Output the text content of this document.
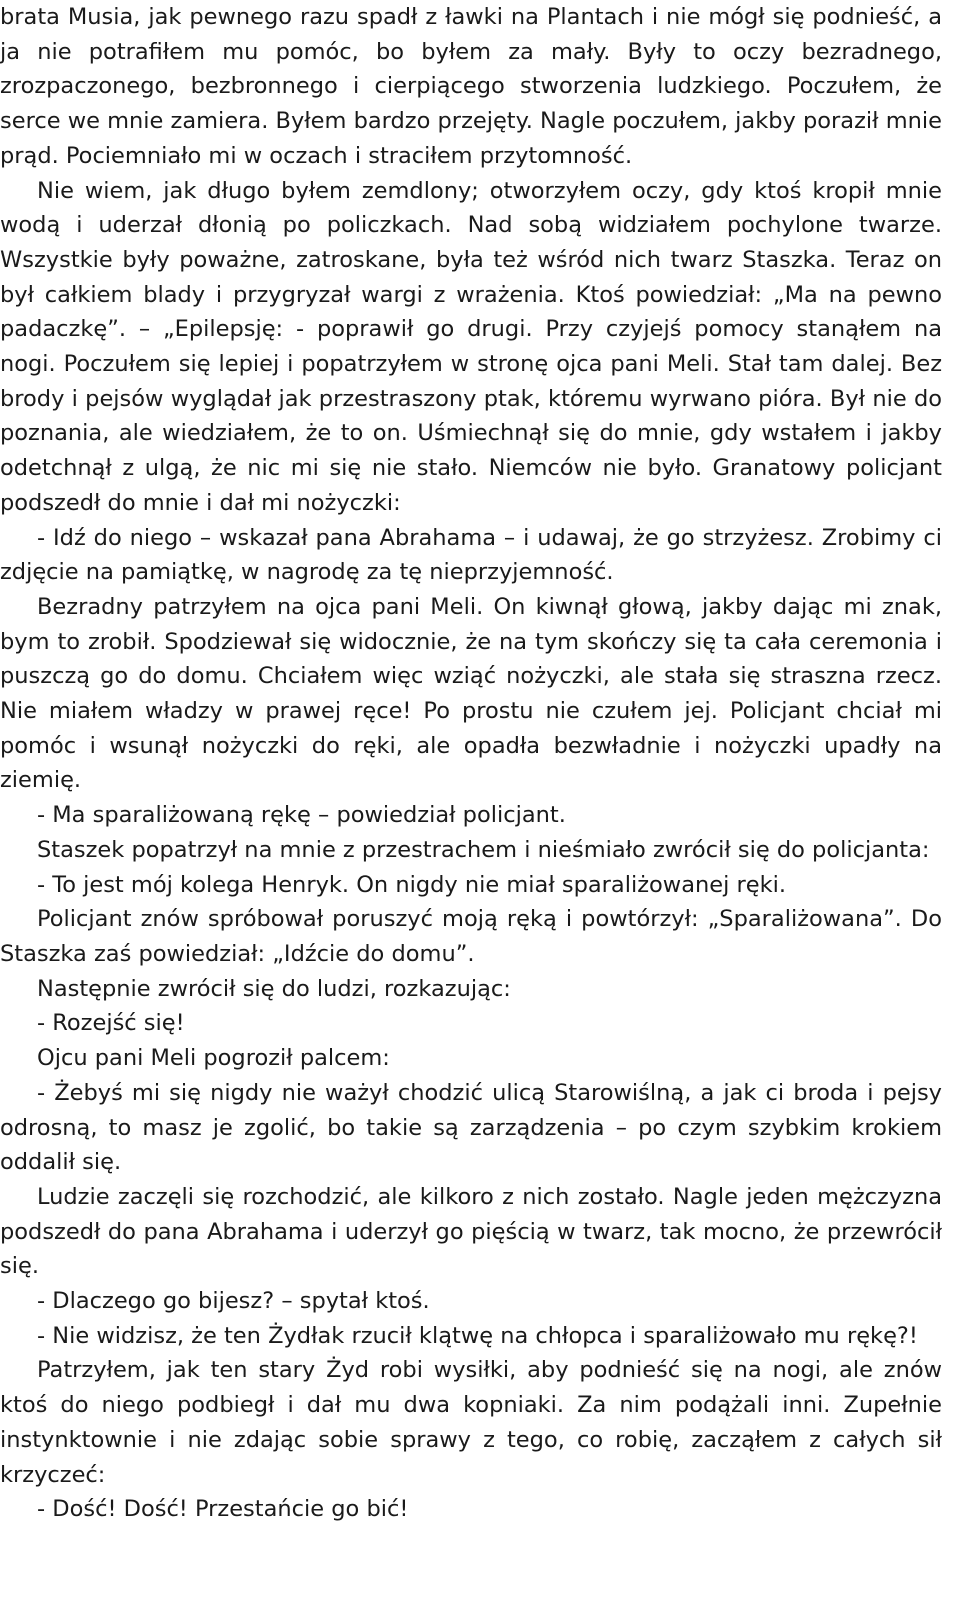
brata Musia, jak pewnego razu spadł z ławki na Plantach i nie mógł się podnieść, a ja nie potrafiłem mu pomóc, bo byłem za mały. Były to oczy bezradnego, zrozpaczonego, bezbronnego i cierpiącego stworzenia ludzkiego. Poczułem, że serce we mnie zamiera. Byłem bardzo przejęty. Nagle poczułem, jakby poraził mnie prąd. Pociemniało mi w oczach i straciłem przytomność.

Nie wiem, jak długo byłem zemdlony; otworzyłem oczy, gdy ktoś kropił mnie wodą i uderzał dłonią po policzkach. Nad sobą widziałem pochylone twarze. Wszystkie były poważne, zatroskane, była też wśród nich twarz Staszka. Teraz on był całkiem blady i przygryzał wargi z wrażenia. Ktoś powiedział: „Ma na pewno padaczkę”. – „Epilepsję: - poprawił go drugi. Przy czyjejś pomocy stanąłem na nogi. Poczułem się lepiej i popatrzyłem w stronę ojca pani Meli. Stał tam dalej. Bez brody i pejsów wyglądał jak przestraszony ptak, któremu wyrwano pióra. Był nie do poznania, ale wiedziałem, że to on. Uśmiechnął się do mnie, gdy wstałem i jakby odetchnął z ulgą, że nic mi się nie stało. Niemców nie było. Granatowy policjant podszedł do mnie i dał mi nożyczki:

- Idź do niego – wskazał pana Abrahama – i udawaj, że go strzyżesz. Zrobimy ci zdjęcie na pamiątkę, w nagrodę za tę nieprzyjemność.

Bezradny patrzyłem na ojca pani Meli. On kiwnął głową, jakby dając mi znak, bym to zrobił. Spodziewał się widocznie, że na tym skończy się ta cała ceremonia i puszczą go do domu. Chciałem więc wziąć nożyczki, ale stała się straszna rzecz. Nie miałem władzy w prawej ręce! Po prostu nie czułem jej. Policjant chciał mi pomóc i wsunął nożyczki do ręki, ale opadła bezwładnie i nożyczki upadły na ziemię.

- Ma sparaliżowaną rękę – powiedział policjant.

Staszek popatrzył na mnie z przestrachem i nieśmiało zwrócił się do policjanta:

- To jest mój kolega Henryk. On nigdy nie miał sparaliżowanej ręki.

Policjant znów spróbował poruszyć moją ręką i powtórzył: „Sparaliżowana”. Do Staszka zaś powiedział: „Idźcie do domu”.

Następnie zwrócił się do ludzi, rozkazując:

- Rozejść się!

Ojcu pani Meli pogroził palcem:

- Żebyś mi się nigdy nie ważył chodzić ulicą Starowiślną, a jak ci broda i pejsy odrosną, to masz je zgolić, bo takie są zarządzenia – po czym szybkim krokiem oddalił się.

Ludzie zaczęli się rozchodzić, ale kilkoro z nich zostało. Nagle jeden mężczyzna podszedł do pana Abrahama i uderzył go pięścią w twarz, tak mocno, że przewrócił się.

- Dlaczego go bijesz? – spytał ktoś.

- Nie widzisz, że ten Żydłak rzucił klątwę na chłopca i sparaliżowało mu rękę?!

Patrzyłem, jak ten stary Żyd robi wysiłki, aby podnieść się na nogi, ale znów ktoś do niego podbiegł i dał mu dwa kopniaki. Za nim podążali inni. Zupełnie instynktownie i nie zdając sobie sprawy z tego, co robię, zacząłem z całych sił krzyczeć:

- Dość! Dość! Przestańcie go bić!
